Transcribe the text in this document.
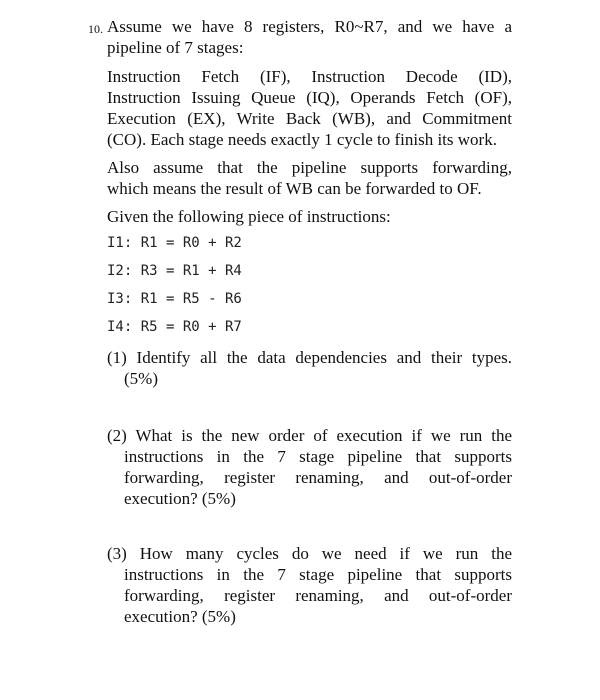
10. Assume we have 8 registers, R0~R7, and we have a
pipeline of 7 stages:
Instruction Fetch (IF), Instruction Decode (ID),
Instruction Issuing Queue (IQ), Operands Fetch (OF),
Execution (EX), Write Back (WB), and Commitment
(CO). Each stage needs exactly 1 cycle to finish its work.
Also assume that the pipeline supports forwarding,
which means the result of WB can be forwarded to OF.
Given the following piece of instructions:
I1: R1 = R0 + R2
I2: R3 = R1 + R4
I3: R1 = R5 - R6
I4: R5 = R0 + R7
(1) Identify all the data dependencies and their types.
(5%)
(2) What is the new order of execution if we run the
instructions in the 7 stage pipeline that supports
forwarding, register renaming, and out-of-order
execution? (5%)
(3) How many cycles do we need if we run the
instructions in the 7 stage pipeline that supports
forwarding, register renaming, and out-of-order
execution? (5%)
